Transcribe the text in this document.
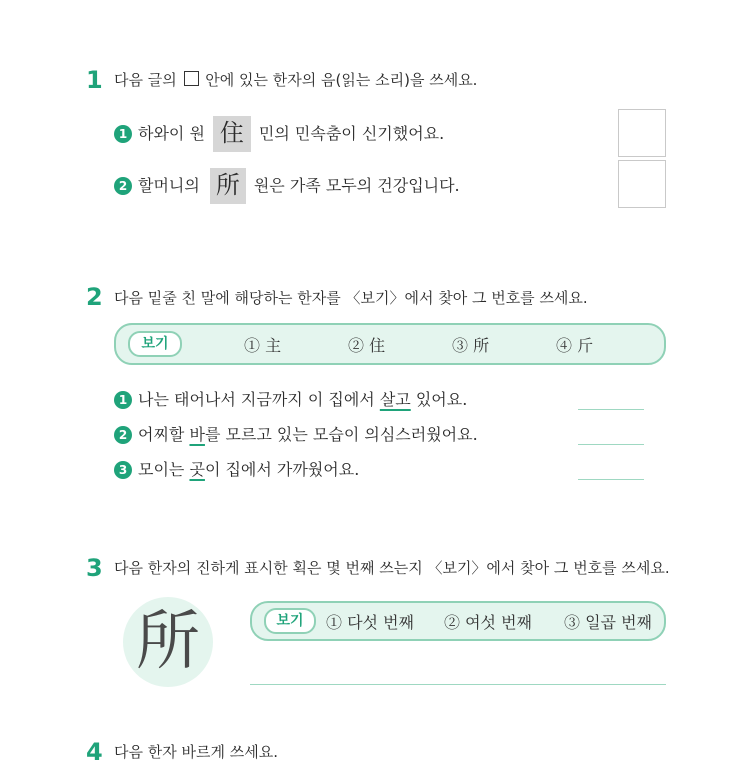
1 다음 글의 안에 있는 한자의 음(읽는 소리)을 쓰세요.
1 하와이 원 住 민의 민속춤이 신기했어요.
2 할머니의 所 원은 가족 모두의 건강입니다.
2 다음 밑줄 친 말에 해당하는 한자를 〈보기〉에서 찾아 그 번호를 쓰세요.
보기	① 主	② 住	③ 所	④ 斤
1 나는 태어나서 지금까지 이 집에서 살고 있어요.
2 어찌할 바 를 모르고 있는 모습이 의심스러웠어요.
3 모이는 곳 이 집에서 가까웠어요.
3 다음 한자의 진하게 표시한 획은 몇 번째 쓰는지 〈보기〉에서 찾아 그 번호를 쓰세요.
所	보기	① 다섯 번째 ② 여섯 번째 ③ 일곱 번째
4 다음 한자 바르게 쓰세요.
